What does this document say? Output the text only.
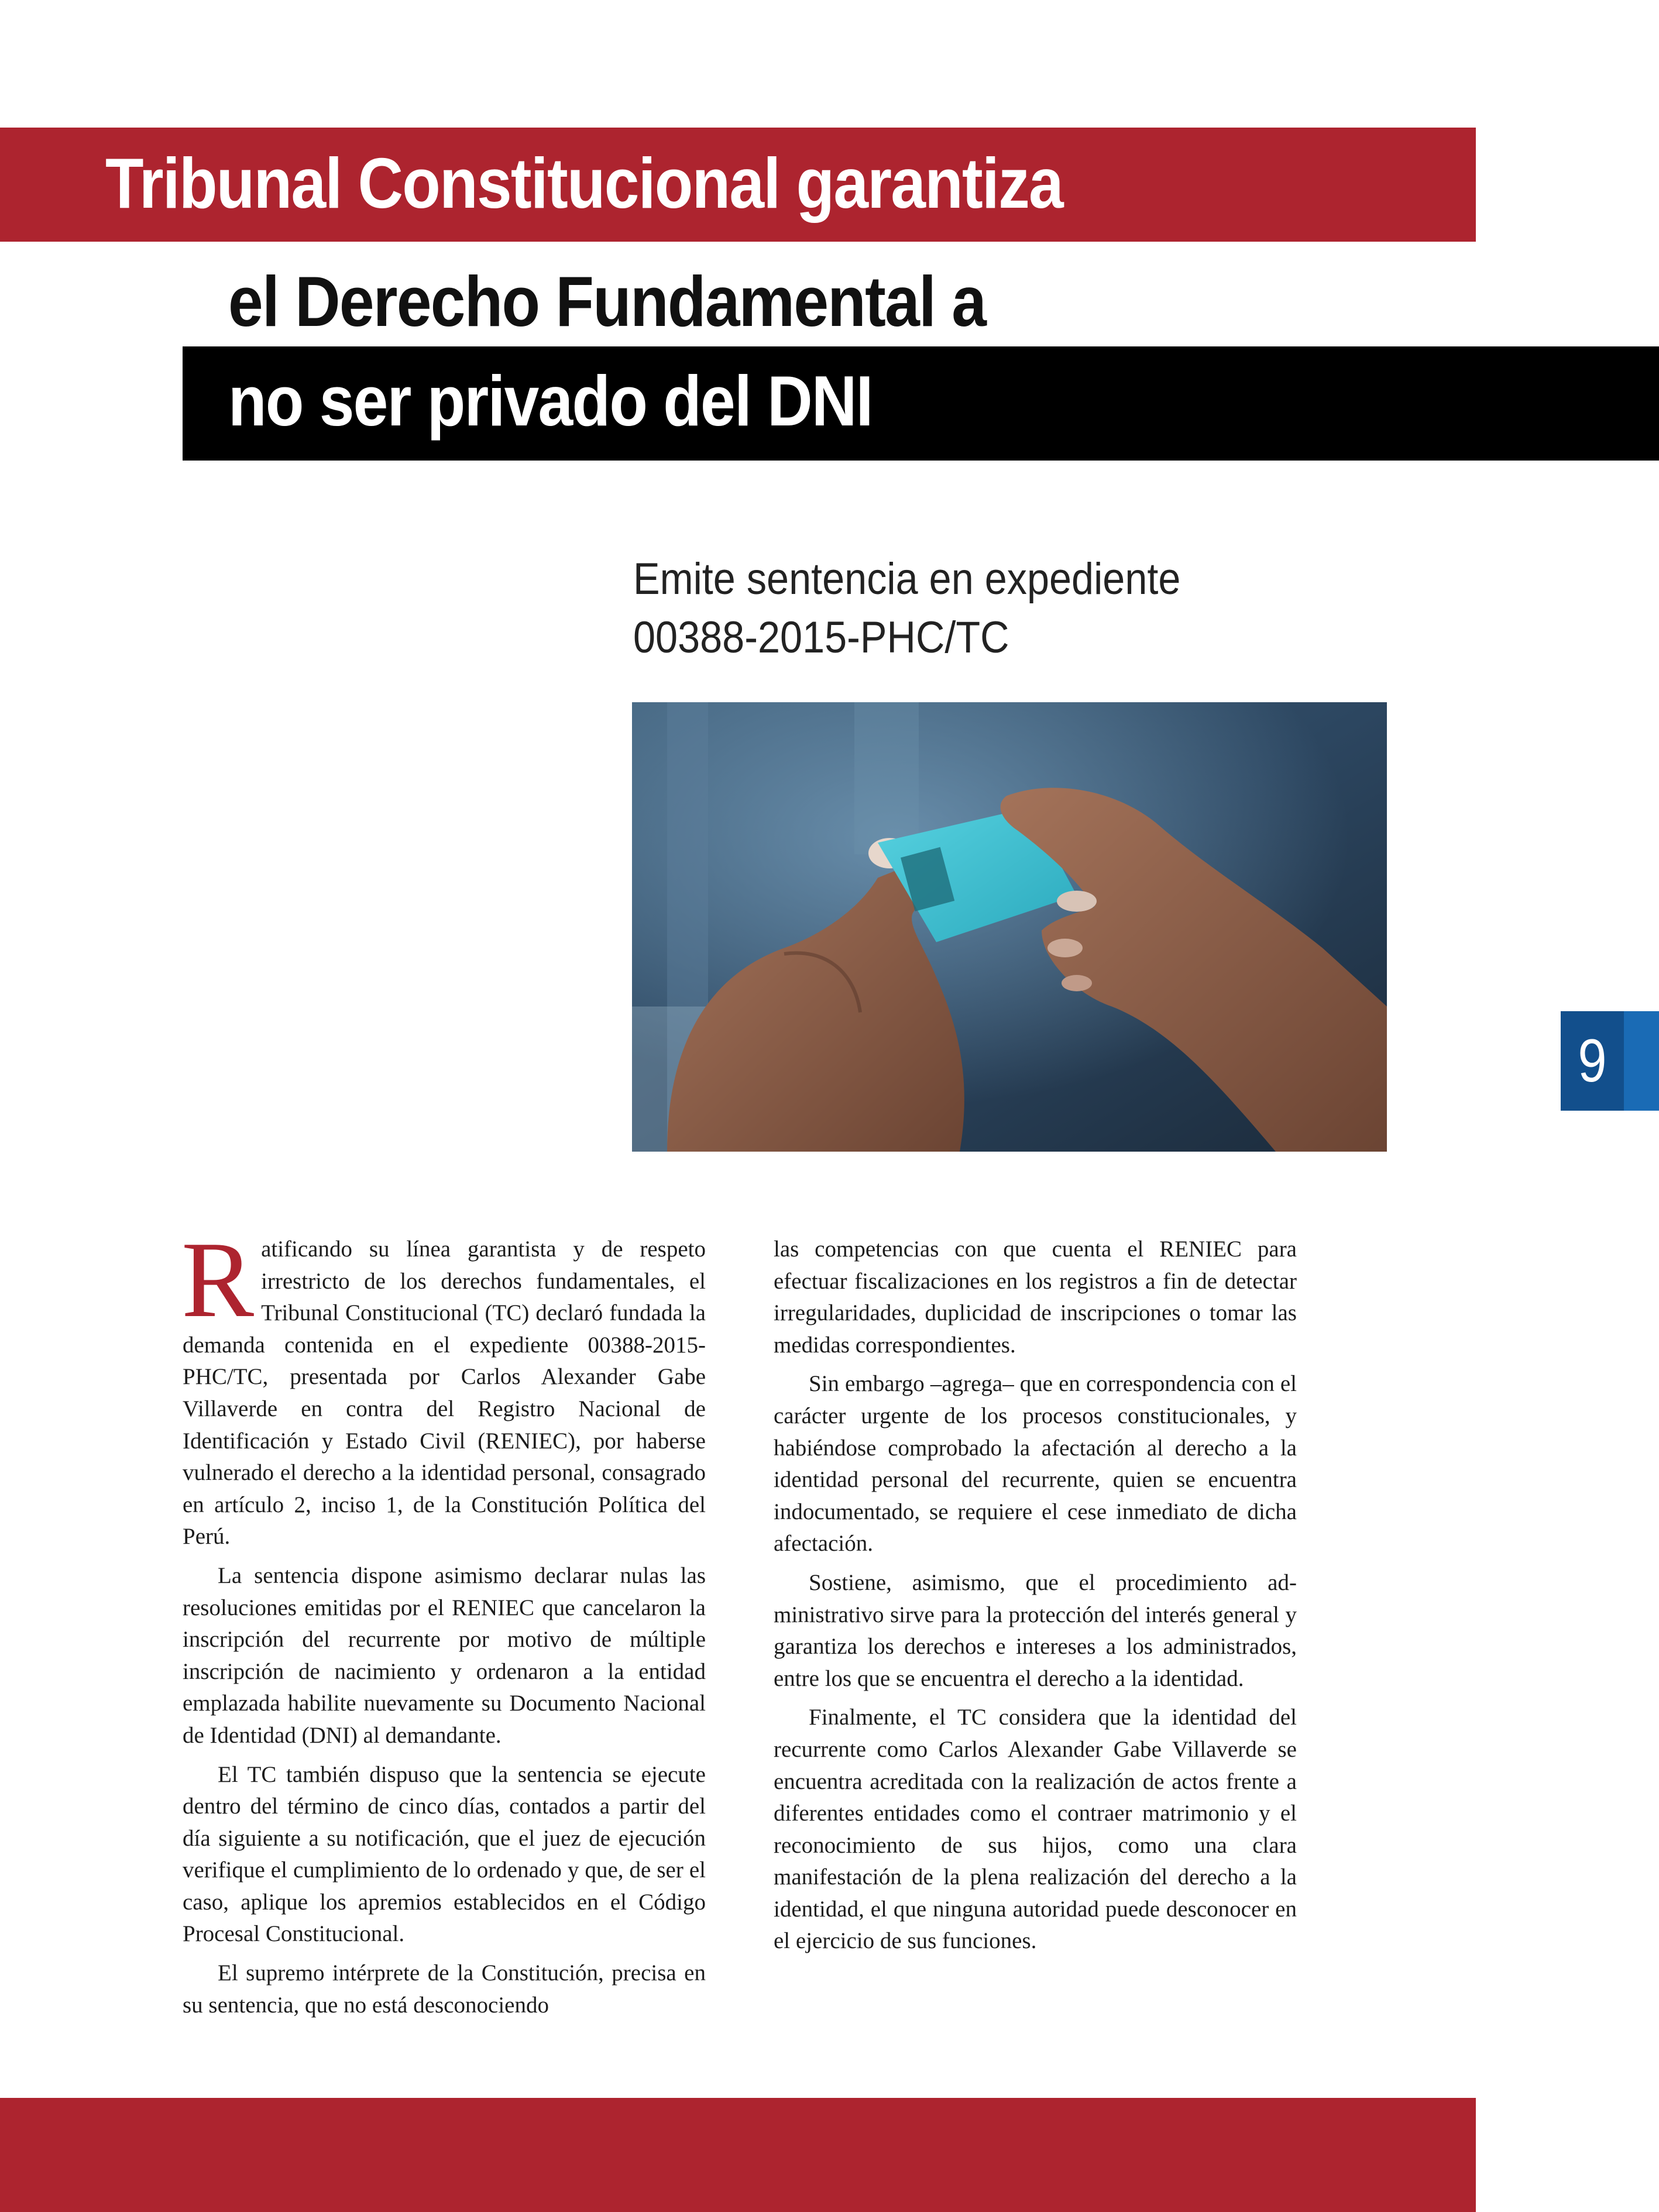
Tribunal Constitucional garantiza
el Derecho Fundamental a
no ser privado del DNI
Emite sentencia en expediente
00388-2015-PHC/TC
9

Ratificando su línea garantista y de respeto irrestricto de los derechos fundamentales, el Tribunal Constitucional (TC) declaró fundada la demanda contenida en el expediente 00388-2015-PHC/TC, presentada por Carlos Alexander Gabe Villaverde en contra del Registro Nacional de Identificación y Estado Civil (RENIEC), por haberse vulnerado el derecho a la identidad personal, consagrado en artículo 2, inciso 1, de la Constitución Política del Perú.

La sentencia dispone asimismo declarar nulas las resoluciones emitidas por el RENIEC que cancelaron la inscripción del recurrente por motivo de múltiple inscripción de nacimiento y ordenaron a la entidad emplazada habilite nuevamente su Documento Nacional de Identidad (DNI) al demandante.

El TC también dispuso que la sentencia se ejecute dentro del término de cinco días, contados a partir del día siguiente a su notificación, que el juez de ejecución verifique el cumplimiento de lo ordenado y que, de ser el caso, aplique los apremios establecidos en el Código Procesal Constitucional.

El supremo intérprete de la Constitución, precisa en su sentencia, que no está desconociendo

las competencias con que cuenta el RENIEC para efectuar fiscalizaciones en los registros a fin de detectar irregularidades, duplicidad de inscripciones o tomar las medidas correspondientes.

Sin embargo –agrega– que en correspondencia con el carácter urgente de los procesos constitucionales, y habiéndose comprobado la afectación al derecho a la identidad personal del recurrente, quien se encuentra indocumentado, se requiere el cese inmediato de dicha afectación.

Sostiene, asimismo, que el procedimiento administrativo sirve para la protección del interés general y garantiza los derechos e intereses a los administrados, entre los que se encuentra el derecho a la identidad.

Finalmente, el TC considera que la identidad del recurrente como Carlos Alexander Gabe Villaverde se encuentra acreditada con la realización de actos frente a diferentes entidades como el contraer matrimonio y el reconocimiento de sus hijos, como una clara manifestación de la plena realización del derecho a la identidad, el que ninguna autoridad puede desconocer en el ejercicio de sus funciones.
